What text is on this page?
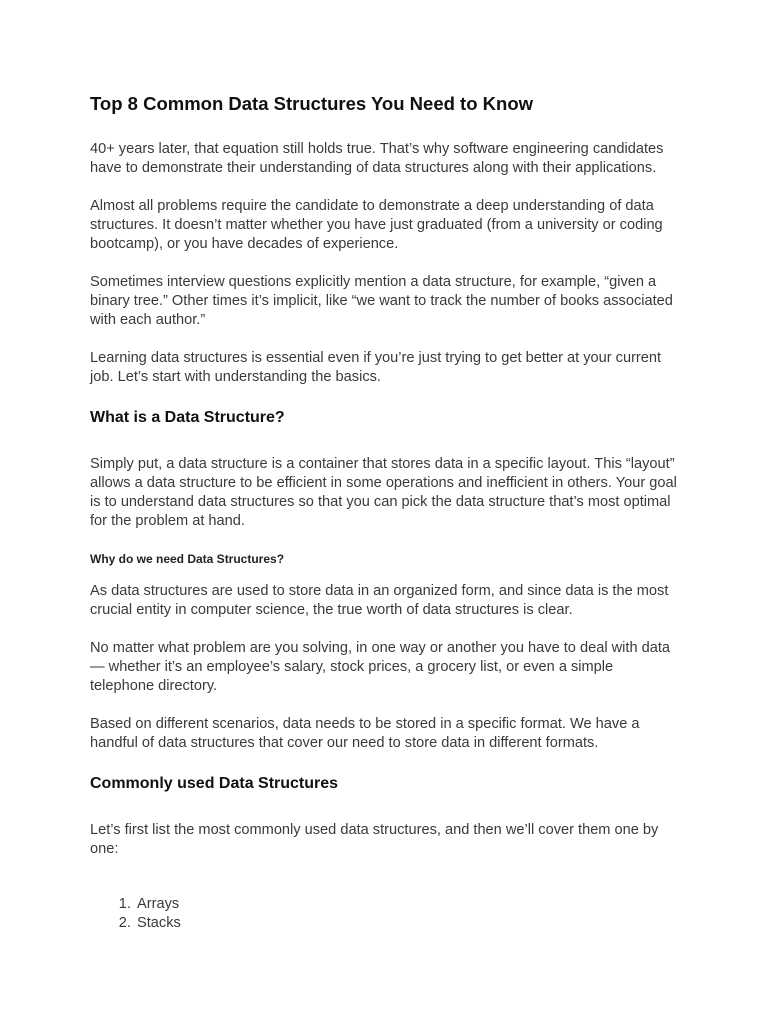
Top 8 Common Data Structures You Need to Know

40+ years later, that equation still holds true. That’s why software engineering candidates have to demonstrate their understanding of data structures along with their applications.

Almost all problems require the candidate to demonstrate a deep understanding of data structures. It doesn’t matter whether you have just graduated (from a university or coding bootcamp), or you have decades of experience.

Sometimes interview questions explicitly mention a data structure, for example, “given a binary tree.” Other times it’s implicit, like “we want to track the number of books associated with each author.”

Learning data structures is essential even if you’re just trying to get better at your current job. Let’s start with understanding the basics.

What is a Data Structure?

Simply put, a data structure is a container that stores data in a specific layout. This “layout” allows a data structure to be efficient in some operations and inefficient in others. Your goal is to understand data structures so that you can pick the data structure that’s most optimal for the problem at hand.

Why do we need Data Structures?

As data structures are used to store data in an organized form, and since data is the most crucial entity in computer science, the true worth of data structures is clear.

No matter what problem are you solving, in one way or another you have to deal with data — whether it’s an employee’s salary, stock prices, a grocery list, or even a simple telephone directory.

Based on different scenarios, data needs to be stored in a specific format. We have a handful of data structures that cover our need to store data in different formats.

Commonly used Data Structures

Let’s first list the most commonly used data structures, and then we’ll cover them one by one:

1. Arrays
2. Stacks
